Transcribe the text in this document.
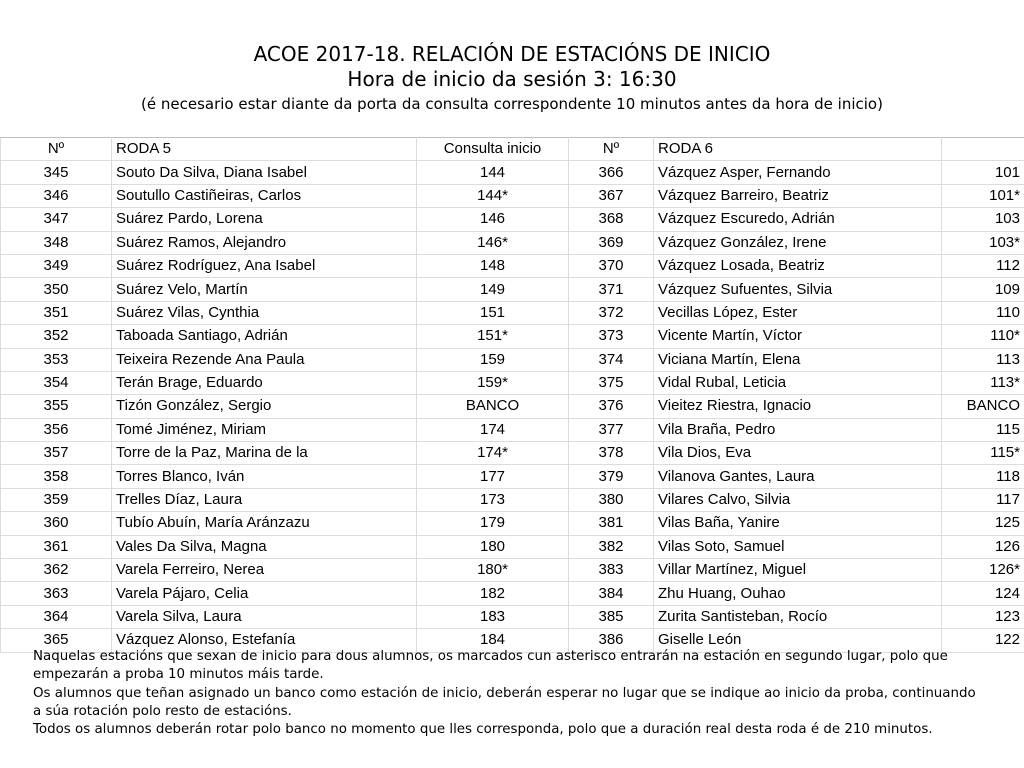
ACOE 2017-18. RELACIÓN DE ESTACIÓNS DE INICIO
Hora de inicio da sesión 3: 16:30
(é necesario estar diante da porta da consulta correspondente 10 minutos antes da hora de inicio)
Nº	RODA 5	Consulta inicio	Nº	RODA 6	
345	Souto Da Silva, Diana Isabel	144	366	Vázquez Asper, Fernando	101
346	Soutullo Castiñeiras, Carlos	144*	367	Vázquez Barreiro, Beatriz	101*
347	Suárez Pardo, Lorena	146	368	Vázquez Escuredo, Adrián	103
348	Suárez Ramos, Alejandro	146*	369	Vázquez González, Irene	103*
349	Suárez Rodríguez, Ana Isabel	148	370	Vázquez Losada, Beatriz	112
350	Suárez Velo, Martín	149	371	Vázquez Sufuentes, Silvia	109
351	Suárez Vilas, Cynthia	151	372	Vecillas López, Ester	110
352	Taboada Santiago, Adrián	151*	373	Vicente Martín, Víctor	110*
353	Teixeira Rezende Ana Paula	159	374	Viciana Martín, Elena	113
354	Terán Brage, Eduardo	159*	375	Vidal Rubal, Leticia	113*
355	Tizón González, Sergio	BANCO	376	Vieitez Riestra, Ignacio	BANCO
356	Tomé Jiménez, Miriam	174	377	Vila Braña, Pedro	115
357	Torre de la Paz, Marina de la	174*	378	Vila Dios, Eva	115*
358	Torres Blanco, Iván	177	379	Vilanova Gantes, Laura	118
359	Trelles Díaz, Laura	173	380	Vilares Calvo, Silvia	117
360	Tubío Abuín, María Aránzazu	179	381	Vilas Baña, Yanire	125
361	Vales Da Silva, Magna	180	382	Vilas Soto, Samuel	126
362	Varela Ferreiro, Nerea	180*	383	Villar Martínez, Miguel	126*
363	Varela Pájaro, Celia	182	384	Zhu Huang, Ouhao	124
364	Varela Silva, Laura	183	385	Zurita Santisteban, Rocío	123
365	Vázquez Alonso, Estefanía	184	386	Giselle León	122

Naquelas estacións que sexan de inicio para dous alumnos, os marcados cun asterisco entrarán na estación en segundo lugar, polo que

empezarán a proba 10 minutos máis tarde.

Os alumnos que teñan asignado un banco como estación de inicio, deberán esperar no lugar que se indique ao inicio da proba, continuando

a súa rotación polo resto de estacións.

Todos os alumnos deberán rotar polo banco no momento que lles corresponda, polo que a duración real desta roda é de 210 minutos.
